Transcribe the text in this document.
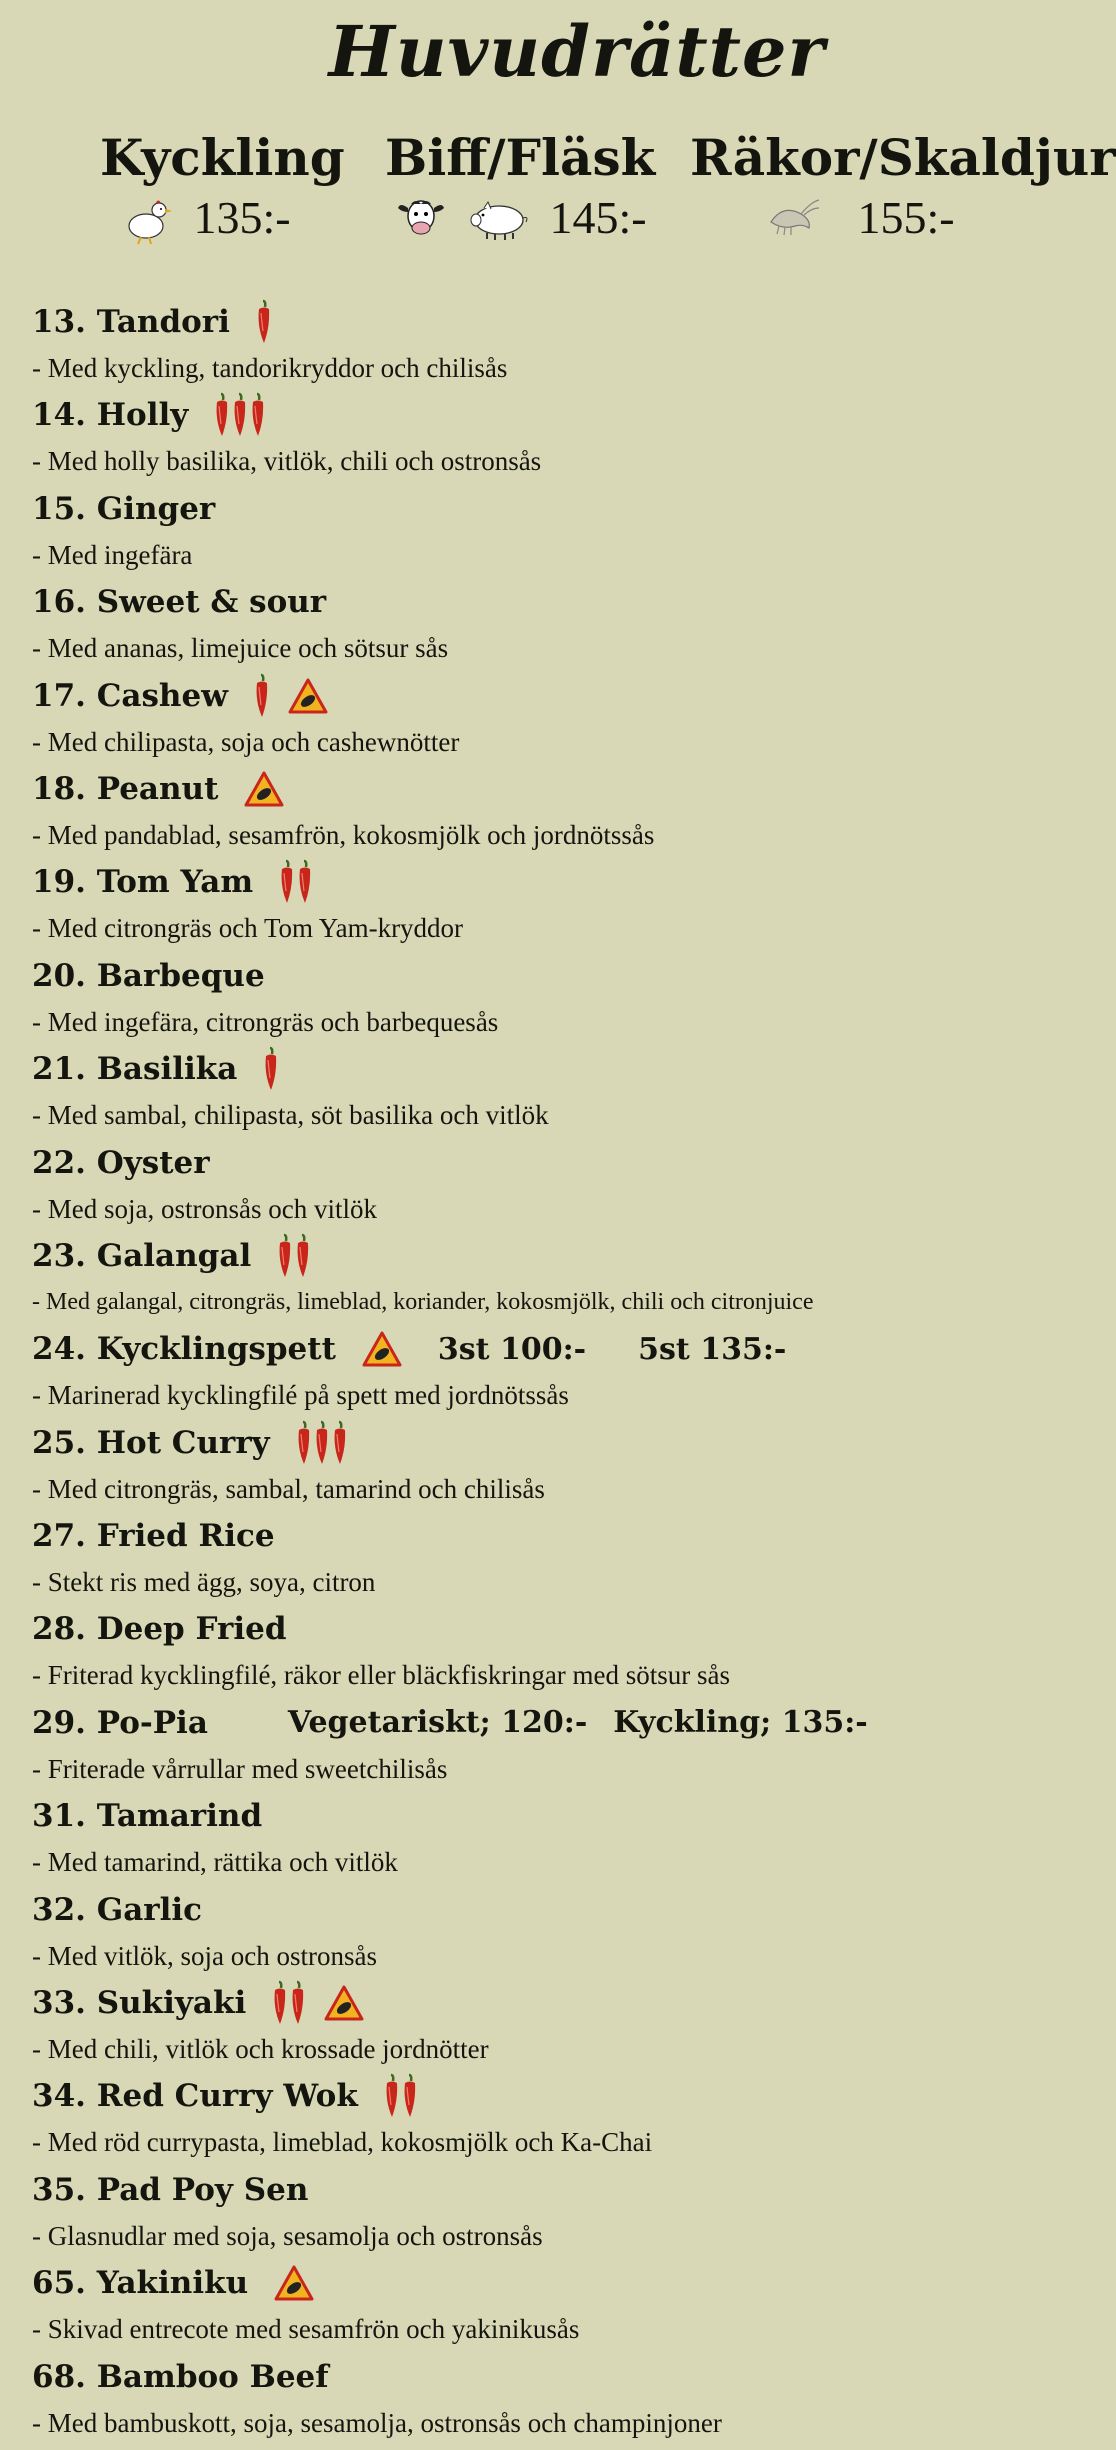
Huvudrätter
Kyckling
135:-
Biff/Fläsk
145:-
Räkor/Skaldjur
155:-
13. Tandori
- Med kyckling, tandorikryddor och chilisås
14. Holly
- Med holly basilika, vitlök, chili och ostronsås
15. Ginger
- Med ingefära
16. Sweet & sour
- Med ananas, limejuice och sötsur sås
17. Cashew
- Med chilipasta, soja och cashewnötter
18. Peanut
- Med pandablad, sesamfrön, kokosmjölk och jordnötssås
19. Tom Yam
- Med citrongräs och Tom Yam-kryddor
20. Barbeque
- Med ingefära, citrongräs och barbequesås
21. Basilika
- Med sambal, chilipasta, söt basilika och vitlök
22. Oyster
- Med soja, ostronsås och vitlök
23. Galangal
- Med galangal, citrongräs, limeblad, koriander, kokosmjölk, chili och citronjuice
24. Kycklingspett	3st 100:- 5st 135:-
- Marinerad kycklingfilé på spett med jordnötssås
25. Hot Curry
- Med citrongräs, sambal, tamarind och chilisås
27. Fried Rice
- Stekt ris med ägg, soya, citron
28. Deep Fried
- Friterad kycklingfilé, räkor eller bläckfiskringar med sötsur sås
29. Po-Pia	Vegetariskt; 120:- Kyckling; 135:-
- Friterade vårrullar med sweetchilisås
31. Tamarind
- Med tamarind, rättika och vitlök
32. Garlic
- Med vitlök, soja och ostronsås
33. Sukiyaki
- Med chili, vitlök och krossade jordnötter
34. Red Curry Wok
- Med röd currypasta, limeblad, kokosmjölk och Ka-Chai
35. Pad Poy Sen
- Glasnudlar med soja, sesamolja och ostronsås
65. Yakiniku
- Skivad entrecote med sesamfrön och yakinikusås
68. Bamboo Beef
- Med bambuskott, soja, sesamolja, ostronsås och champinjoner
